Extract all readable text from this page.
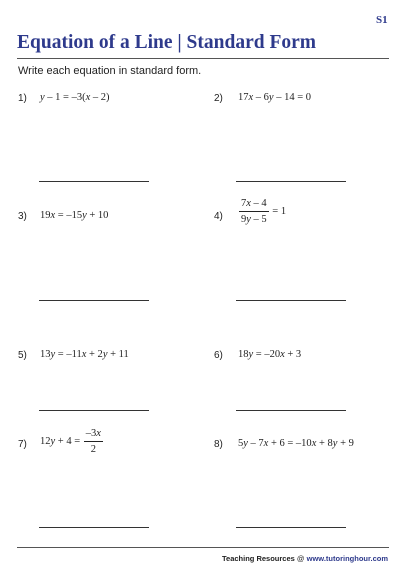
S1
Equation of a Line | Standard Form
Write each equation in standard form.
1) y – 1 = –3(x – 2)	2) 17x – 6y – 14 = 0
3) 19x = –15y + 10	$4) \frac{7x - 4}{9y - 5} = 1$
5) 13y = –11x + 2y + 11	6) 18y = –20x + 3
7) $12y + 4 = \frac{-3x}{2}$	8) 5y – 7x + 6 = –10x + 8y + 9
Teaching Resources @ www.tutoringhour.com
